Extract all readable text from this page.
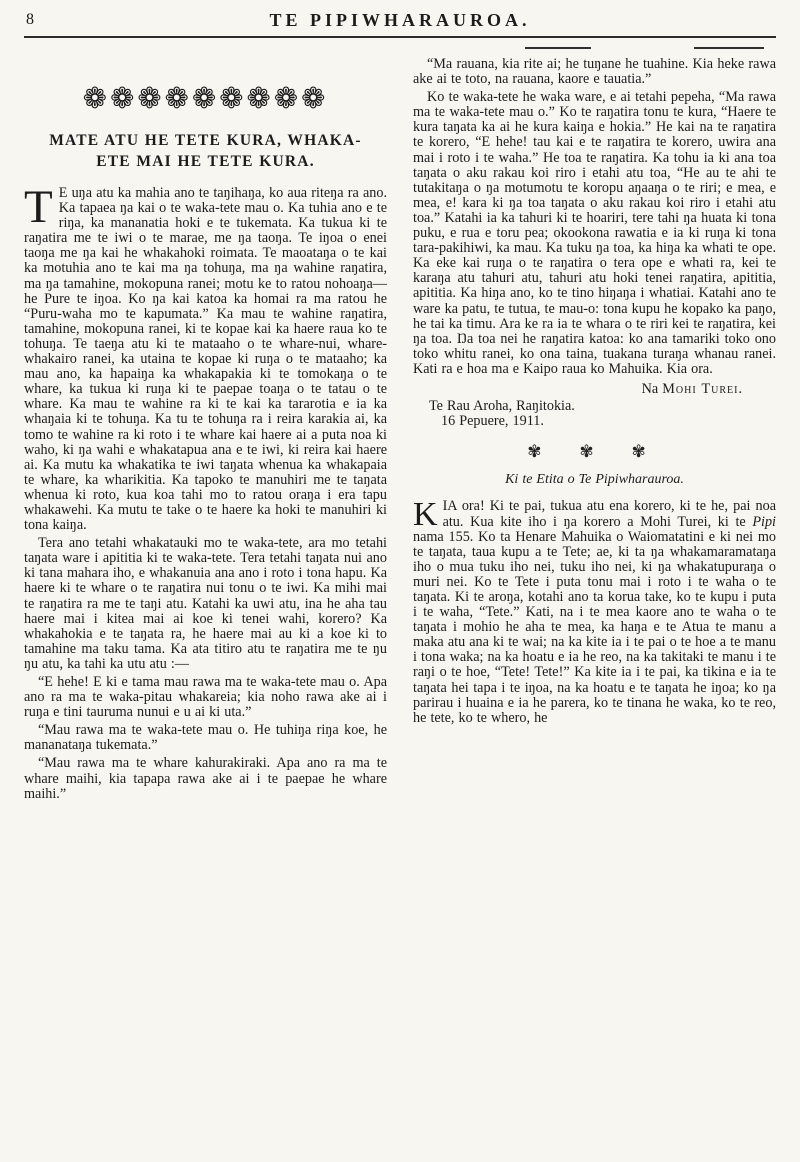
8	TE PIPIWHARAUROA.
❁❁❁❁❁❁❁❁❁
MATE ATU HE TETE KURA, WHAKA-
ETE MAI HE TETE KURA.

T E uŋa atu ka mahia ano te taŋihaŋa, ko aua riteŋa ra ano. Ka tapaea ŋa kai o te waka-tete mau o. Ka tuhia ano e te riŋa, ka mananatia hoki e te tukemata. Ka tukua ki te raŋatira me te iwi o te marae, me ŋa taoŋa. Te iŋoa o enei taoŋa me ŋa kai he whakahoki roimata. Te maoataŋa o te kai ka motuhia ano te kai ma ŋa tohuŋa, ma ŋa wahine raŋatira, ma ŋa tamahine, mokopuna ranei; motu ke to ratou nohoaŋa—he Pure te iŋoa. Ko ŋa kai katoa ka homai ra ma ratou he “Puru-waha mo te kapumata.” Ka mau te wahine raŋatira, tamahine, mokopuna ranei, ki te kopae kai ka haere raua ko te tohuŋa. Te taeŋa atu ki te mataaho o te whare-nui, whare-whakairo ranei, ka utaina te kopae ki ruŋa o te mataaho; ka mau ano, ka hapaiŋa ka whakapakia ki te tomokaŋa o te whare, ka tukua ki ruŋa ki te paepae toaŋa o te tatau o te whare. Ka mau te wahine ra ki te kai ka tararotia e ia ka whaŋaia ki te tohuŋa. Ka tu te tohuŋa ra i reira karakia ai, ka tomo te wahine ra ki roto i te whare kai haere ai a puta noa ki waho, ki ŋa wahi e whakatapua ana e te iwi, ki reira kai haere ai. Ka mutu ka whakatika te iwi taŋata whenua ka whakapaia te whare, ka wharikitia. Ka tapoko te manuhiri me te taŋata whenua ki roto, kua koa tahi mo to ratou oraŋa i era tapu whakawehi. Ka mutu te take o te haere ka hoki te manuhiri ki tona kaiŋa.

Tera ano tetahi whakatauki mo te waka-tete, ara mo tetahi taŋata ware i apititia ki te waka-tete. Tera tetahi taŋata nui ano ki tana mahara iho, e whakanuia ana ano i roto i tona hapu. Ka haere ki te whare o te raŋatira nui tonu o te iwi. Ka mihi mai te raŋatira ra me te taŋi atu. Katahi ka uwi atu, ina he aha tau haere mai i kitea mai ai koe ki tenei wahi, korero? Ka whakahokia e te taŋata ra, he haere mai au ki a koe ki to tamahine ma taku tama. Ka ata titiro atu te raŋatira me te ŋu ŋu atu, ka tahi ka utu atu :—

“E hehe! E ki e tama mau rawa ma te waka-tete mau o. Apa ano ra ma te waka-pitau whakareia; kia noho rawa ake ai i ruŋa e tini tauruma nunui e u ai ki uta.”

“Mau rawa ma te waka-tete mau o. He tuhiŋa riŋa koe, he mananataŋa tukemata.”

“Mau rawa ma te whare kahurakiraki. Apa ano ra ma te whare maihi, kia tapapa rawa ake ai i te paepae he whare maihi.”

“Ma rauana, kia rite ai; he tuŋane he tuahine. Kia heke rawa ake ai te toto, na rauana, kaore e tauatia.”

Ko te waka-tete he waka ware, e ai tetahi pepeha, “Ma rawa ma te waka-tete mau o.” Ko te raŋatira tonu te kura, “Haere te kura taŋata ka ai he kura kaiŋa e hokia.” He kai na te raŋatira te korero, “E hehe! tau kai e te raŋatira te korero, uwira ana mai i roto i te waha.” He toa te raŋatira. Ka tohu ia ki ana toa taŋata o aku rakau koi riro i etahi atu toa, “He au te ahi te tutakitaŋa o ŋa motumotu te koropu aŋaaŋa o te riri; e mea, e mea, e! kara ki ŋa toa taŋata o aku rakau koi riro i etahi atu toa.” Katahi ia ka tahuri ki te hoariri, tere tahi ŋa huata ki tona puku, e rua e toru pea; okookona rawatia e ia ki ruŋa ki tona tara-pakihiwi, ka mau. Ka tuku ŋa toa, ka hiŋa ka whati te ope. Ka eke kai ruŋa o te raŋatira o tera ope e whati ra, kei te karaŋa atu tahuri atu, tahuri atu hoki tenei raŋatira, apititia, apititia. Ka hiŋa ano, ko te tino hiŋaŋa i whatiai. Katahi ano te ware ka patu, te tutua, te mau-o: tona kupu he kopako ka paŋo, he tai ka timu. Ara ke ra ia te whara o te riri kei te raŋatira, kei ŋa toa. Ŋa toa nei he raŋatira katoa: ko ana tamariki toko ono toko whitu ranei, ko ona taina, tuakana turaŋa whanau ranei. Kati ra e hoa ma e Kaipo raua ko Mahuika. Kia ora.

Na Mohi Turei.

Te Rau Aroha, Raŋitokia.

16 Pepuere, 1911.

✾ ✾ ✾
Ki te Etita o Te Pipiwharauroa.

KIA ora! Ki te pai, tukua atu ena korero, ki te he, pai noa atu. Kua kite iho i ŋa korero a Mohi Turei, ki te Pipi nama 155. Ko ta Henare Mahuika o Waiomatatini e ki nei mo te taŋata, taua kupu a te Tete; ae, ki ta ŋa whakamaramataŋa iho o mua tuku iho nei, tuku iho nei, ki ŋa whakatupuraŋa o muri nei. Ko te Tete i puta tonu mai i roto i te waha o te taŋata. Ki te aroŋa, kotahi ano ta korua take, ko te kupu i puta i te waha, “Tete.” Kati, na i te mea kaore ano te waha o te taŋata i mohio he aha te mea, ka haŋa e te Atua te manu a maka atu ana ki te wai; na ka kite ia i te pai o te hoe a te manu i tona waka; na ka hoatu e ia he reo, na ka takitaki te manu i te raŋi o te hoe, “Tete! Tete!” Ka kite ia i te pai, ka tikina e ia te taŋata hei tapa i te iŋoa, na ka hoatu e te taŋata he iŋoa; ko ŋa parirau i huaina e ia he parera, ko te tinana he waka, ko te reo, he tete, ko te whero, he
